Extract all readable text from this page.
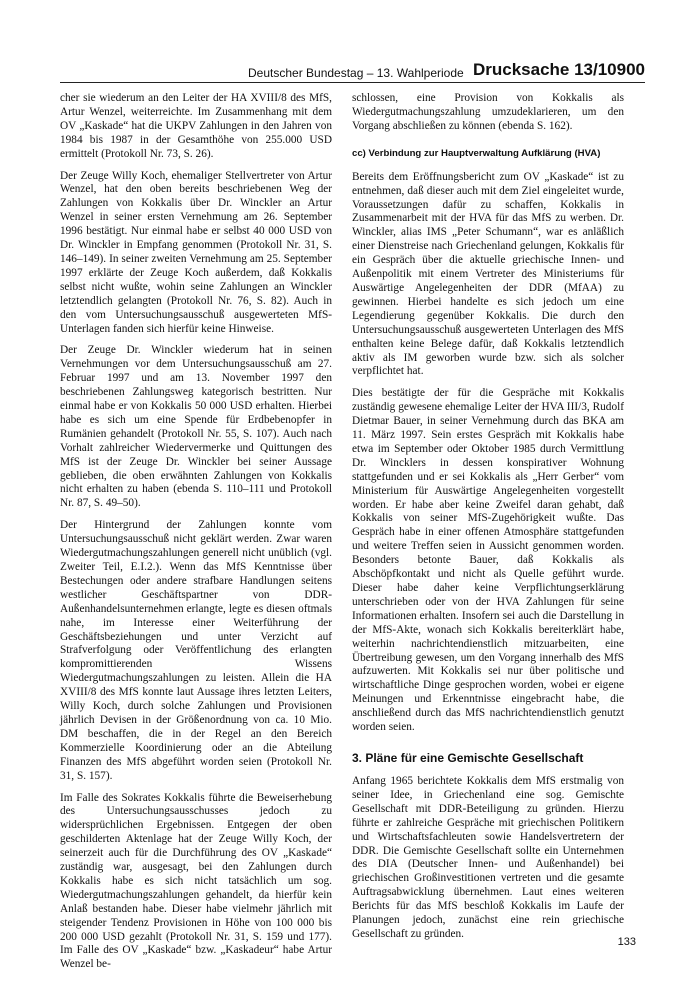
Deutscher Bundestag – 13. Wahlperiode Drucksache 13/10900

cher sie wiederum an den Leiter der HA XVIII/8 des MfS, Artur Wenzel, weiterreichte. Im Zusammenhang mit dem OV „Kaskade“ hat die UKPV Zahlungen in den Jahren von 1984 bis 1987 in der Gesamthöhe von 255.000 USD ermittelt (Protokoll Nr. 73, S. 26).

Der Zeuge Willy Koch, ehemaliger Stellvertreter von Artur Wenzel, hat den oben bereits beschriebenen Weg der Zahlungen von Kokkalis über Dr. Winckler an Artur Wenzel in seiner ersten Vernehmung am 26. September 1996 bestätigt. Nur einmal habe er selbst 40 000 USD von Dr. Winckler in Empfang genommen (Protokoll Nr. 31, S. 146–149). In seiner zweiten Vernehmung am 25. September 1997 erklärte der Zeuge Koch außerdem, daß Kokkalis selbst nicht wußte, wohin seine Zahlungen an Winckler letztendlich gelangten (Protokoll Nr. 76, S. 82). Auch in den vom Untersuchungsausschuß ausgewerteten MfS-Unterlagen fanden sich hierfür keine Hinweise.

Der Zeuge Dr. Winckler wiederum hat in seinen Vernehmungen vor dem Untersuchungsausschuß am 27. Februar 1997 und am 13. November 1997 den beschriebenen Zahlungsweg kategorisch bestritten. Nur einmal habe er von Kokkalis 50 000 USD erhalten. Hierbei habe es sich um eine Spende für Erdbebenopfer in Rumänien gehandelt (Protokoll Nr. 55, S. 107). Auch nach Vorhalt zahlreicher Wiedervermerke und Quittungen des MfS ist der Zeuge Dr. Winckler bei seiner Aussage geblieben, die oben erwähnten Zahlungen von Kokkalis nicht erhalten zu haben (ebenda S. 110–111 und Protokoll Nr. 87, S. 49–50).

Der Hintergrund der Zahlungen konnte vom Untersuchungsausschuß nicht geklärt werden. Zwar waren Wiedergutmachungszahlungen generell nicht unüblich (vgl. Zweiter Teil, E.I.2.). Wenn das MfS Kenntnisse über Bestechungen oder andere strafbare Handlungen seitens westlicher Geschäftspartner von DDR-Außenhandelsunternehmen erlangte, legte es diesen oftmals nahe, im Interesse einer Weiterführung der Geschäftsbeziehungen und unter Verzicht auf Strafverfolgung oder Veröffentlichung des erlangten kompromittierenden Wissens Wiedergutmachungszahlungen zu leisten. Allein die HA XVIII/8 des MfS konnte laut Aussage ihres letzten Leiters, Willy Koch, durch solche Zahlungen und Provisionen jährlich Devisen in der Größenordnung von ca. 10 Mio. DM beschaffen, die in der Regel an den Bereich Kommerzielle Koordinierung oder an die Abteilung Finanzen des MfS abgeführt worden seien (Protokoll Nr. 31, S. 157).

Im Falle des Sokrates Kokkalis führte die Beweiserhebung des Untersuchungsausschusses jedoch zu widersprüchlichen Ergebnissen. Entgegen der oben geschilderten Aktenlage hat der Zeuge Willy Koch, der seinerzeit auch für die Durchführung des OV „Kaskade“ zuständig war, ausgesagt, bei den Zahlungen durch Kokkalis habe es sich nicht tatsächlich um sog. Wiedergutmachungszahlungen gehandelt, da hierfür kein Anlaß bestanden habe. Dieser habe vielmehr jährlich mit steigender Tendenz Provisionen in Höhe von 100 000 bis 200 000 USD gezahlt (Protokoll Nr. 31, S. 159 und 177). Im Falle des OV „Kaskade“ bzw. „Kaskadeur“ habe Artur Wenzel be-

schlossen, eine Provision von Kokkalis als Wiedergutmachungszahlung umzudeklarieren, um den Vorgang abschließen zu können (ebenda S. 162).

cc) Verbindung zur Hauptverwaltung Aufklärung (HVA)

Bereits dem Eröffnungsbericht zum OV „Kaskade“ ist zu entnehmen, daß dieser auch mit dem Ziel eingeleitet wurde, Voraussetzungen dafür zu schaffen, Kokkalis in Zusammenarbeit mit der HVA für das MfS zu werben. Dr. Winckler, alias IMS „Peter Schumann“, war es anläßlich einer Dienstreise nach Griechenland gelungen, Kokkalis für ein Gespräch über die aktuelle griechische Innen- und Außenpolitik mit einem Vertreter des Ministeriums für Auswärtige Angelegenheiten der DDR (MfAA) zu gewinnen. Hierbei handelte es sich jedoch um eine Legendierung gegenüber Kokkalis. Die durch den Untersuchungsausschuß ausgewerteten Unterlagen des MfS enthalten keine Belege dafür, daß Kokkalis letztendlich aktiv als IM geworben wurde bzw. sich als solcher verpflichtet hat.

Dies bestätigte der für die Gespräche mit Kokkalis zuständig gewesene ehemalige Leiter der HVA III/3, Rudolf Dietmar Bauer, in seiner Vernehmung durch das BKA am 11. März 1997. Sein erstes Gespräch mit Kokkalis habe etwa im September oder Oktober 1985 durch Vermittlung Dr. Wincklers in dessen konspirativer Wohnung stattgefunden und er sei Kokkalis als „Herr Gerber“ vom Ministerium für Auswärtige Angelegenheiten vorgestellt worden. Er habe aber keine Zweifel daran gehabt, daß Kokkalis von seiner MfS-Zugehörigkeit wußte. Das Gespräch habe in einer offenen Atmosphäre stattgefunden und weitere Treffen seien in Aussicht genommen worden. Besonders betonte Bauer, daß Kokkalis als Abschöpfkontakt und nicht als Quelle geführt wurde. Dieser habe daher keine Verpflichtungserklärung unterschrieben oder von der HVA Zahlungen für seine Informationen erhalten. Insofern sei auch die Darstellung in der MfS-Akte, wonach sich Kokkalis bereiterklärt habe, weiterhin nachrichtendienstlich mitzuarbeiten, eine Übertreibung gewesen, um den Vorgang innerhalb des MfS aufzuwerten. Mit Kokkalis sei nur über politische und wirtschaftliche Dinge gesprochen worden, wobei er eigene Meinungen und Erkenntnisse eingebracht habe, die anschließend durch das MfS nachrichtendienstlich genutzt worden seien.

3. Pläne für eine Gemischte Gesellschaft

Anfang 1965 berichtete Kokkalis dem MfS erstmalig von seiner Idee, in Griechenland eine sog. Gemischte Gesellschaft mit DDR-Beteiligung zu gründen. Hierzu führte er zahlreiche Gespräche mit griechischen Politikern und Wirtschaftsfachleuten sowie Handelsvertretern der DDR. Die Gemischte Gesellschaft sollte ein Unternehmen des DIA (Deutscher Innen- und Außenhandel) bei griechischen Großinvestitionen vertreten und die gesamte Auftragsabwicklung übernehmen. Laut eines weiteren Berichts für das MfS beschloß Kokkalis im Laufe der Planungen jedoch, zunächst eine rein griechische Gesellschaft zu gründen.

133
